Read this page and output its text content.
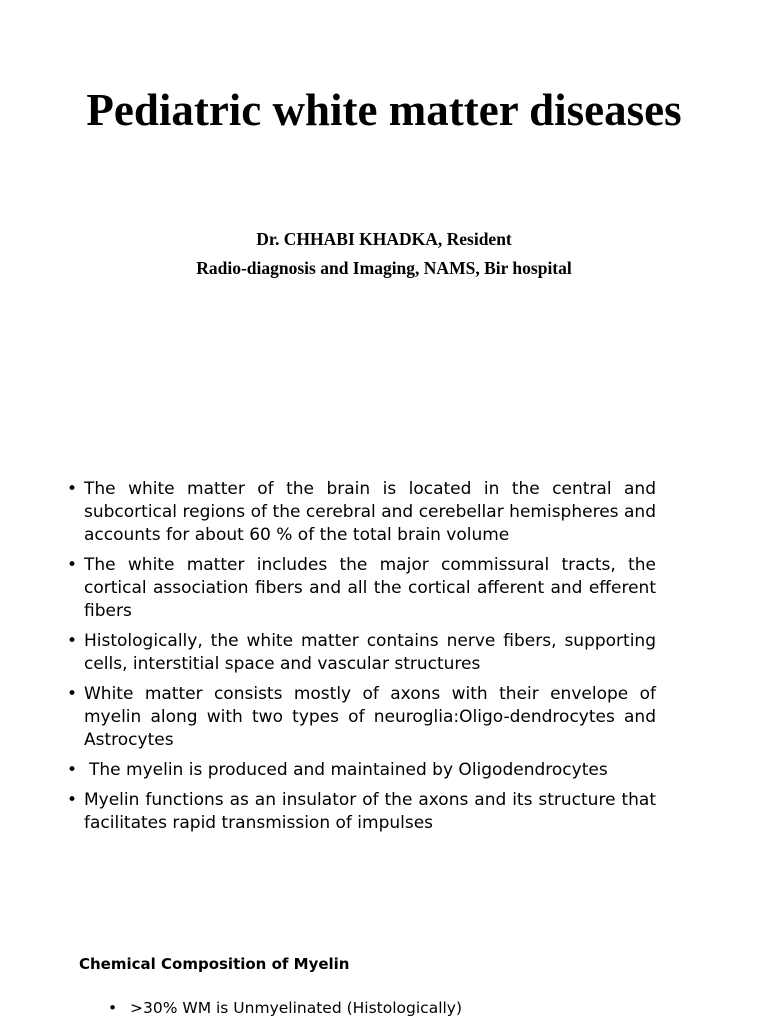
Pediatric white matter diseases

Dr. CHHABI KHADKA, Resident

Radio-diagnosis and Imaging, NAMS, Bir hospital

• The white matter of the brain is located in the central and subcortical regions of the cerebral and cerebellar hemispheres and accounts for about 60 % of the total brain volume
• The white matter includes the major commissural tracts, the cortical association fibers and all the cortical afferent and efferent fibers
• Histologically, the white matter contains nerve fibers, supporting cells, interstitial space and vascular structures
• White matter consists mostly of axons with their envelope of myelin along with two types of neuroglia:Oligo-dendrocytes and Astrocytes
• The myelin is produced and maintained by Oligodendrocytes
• Myelin functions as an insulator of the axons and its structure that facilitates rapid transmission of impulses

Chemical Composition of Myelin

• >30% WM is Unmyelinated (Histologically)
